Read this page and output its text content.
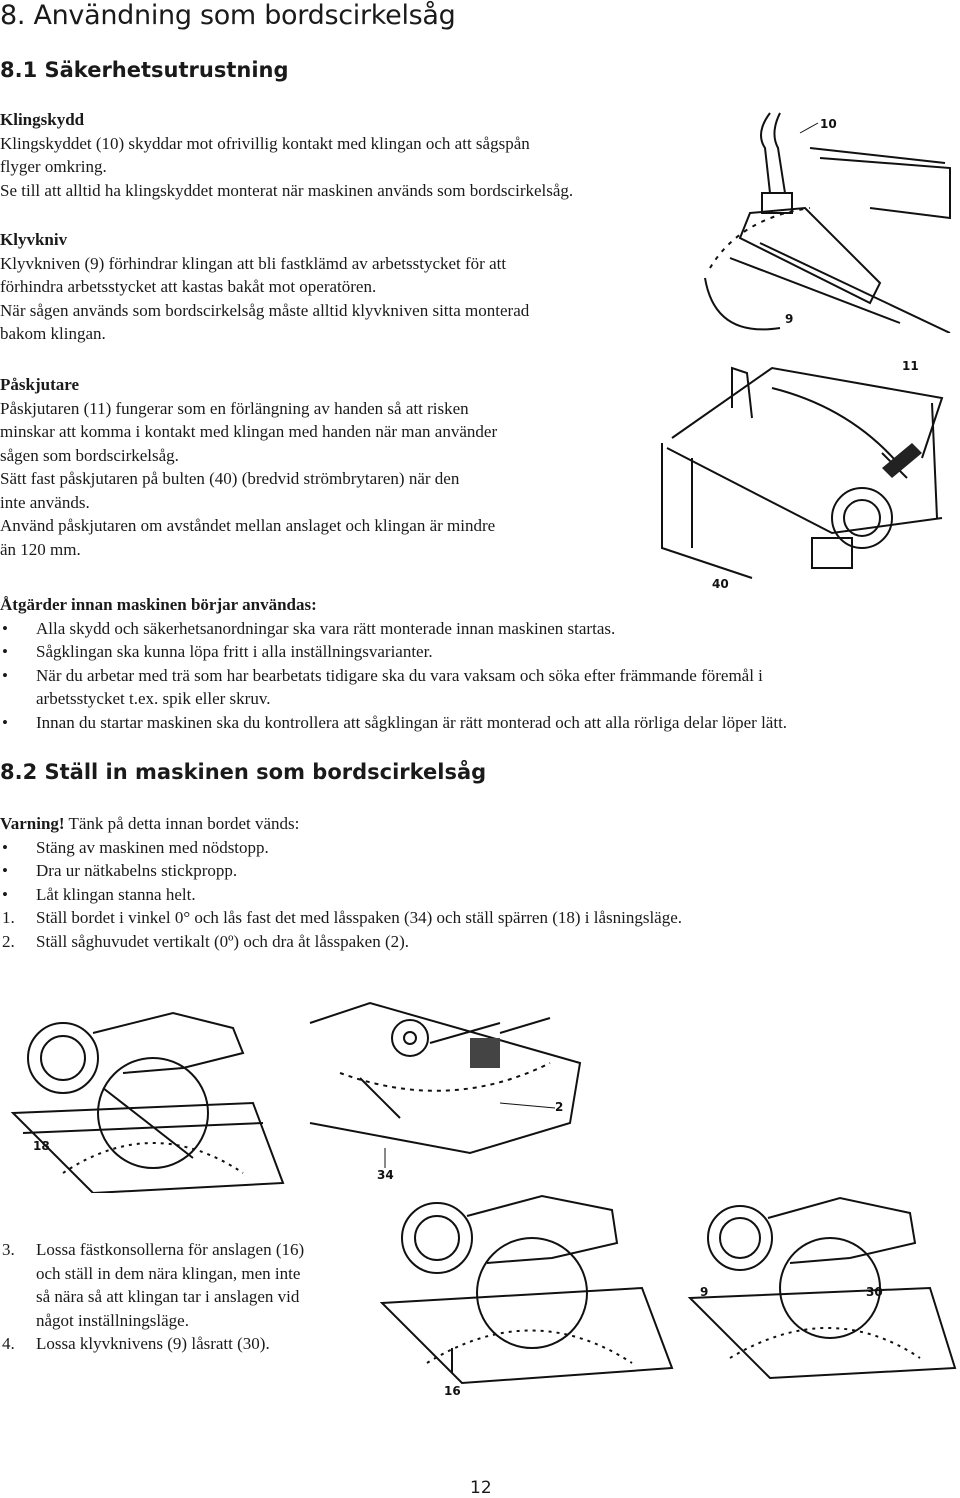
8. Användning som bordscirkelsåg
8.1 Säkerhetsutrustning

Klingskydd

Klingskyddet (10) skyddar mot ofrivillig kontakt med klingan och att sågspån

flyger omkring.

Se till att alltid ha klingskyddet monterat när maskinen används som bordscirkelsåg.

Klyvkniv

Klyvkniven (9) förhindrar klingan att bli fastklämd av arbetsstycket för att

förhindra arbetsstycket att kastas bakåt mot operatören.

När sågen används som bordscirkelsåg måste alltid klyvkniven sitta monterad

bakom klingan.

Påskjutare

Påskjutaren (11) fungerar som en förlängning av handen så att risken

minskar att komma i kontakt med klingan med handen när man använder

sågen som bordscirkelsåg.

Sätt fast påskjutaren på bulten (40) (bredvid strömbrytaren) när den

inte används.

Använd påskjutaren om avståndet mellan anslaget och klingan är mindre

än 120 mm.

Åtgärder innan maskinen börjar användas:

• Alla skydd och säkerhetsanordningar ska vara rätt monterade innan maskinen startas.
• Sågklingan ska kunna löpa fritt i alla inställningsvarianter.
• När du arbetar med trä som har bearbetats tidigare ska du vara vaksam och söka efter främmande föremål i
arbetsstycket t.ex. spik eller skruv.
• Innan du startar maskinen ska du kontrollera att sågklingan är rätt monterad och att alla rörliga delar löper lätt.
8.2 Ställ in maskinen som bordscirkelsåg

Varning! Tänk på detta innan bordet vänds:

• Stäng av maskinen med nödstopp.
• Dra ur nätkabelns stickpropp.
• Låt klingan stanna helt.
1. Ställ bordet i vinkel 0° och lås fast det med låsspaken (34) och ställ spärren (18) i låsningsläge.
2. Ställ såghuvudet vertikalt (0º) och dra åt låsspaken (2).
3. Lossa fästkonsollerna för anslagen (16)
och ställ in dem nära klingan, men inte
så nära så att klingan tar i anslagen vid
något inställningsläge.
4. Lossa klyvknivens (9) låsratt (30).
10
9
11
40
18
2
34
9	30
16
12
